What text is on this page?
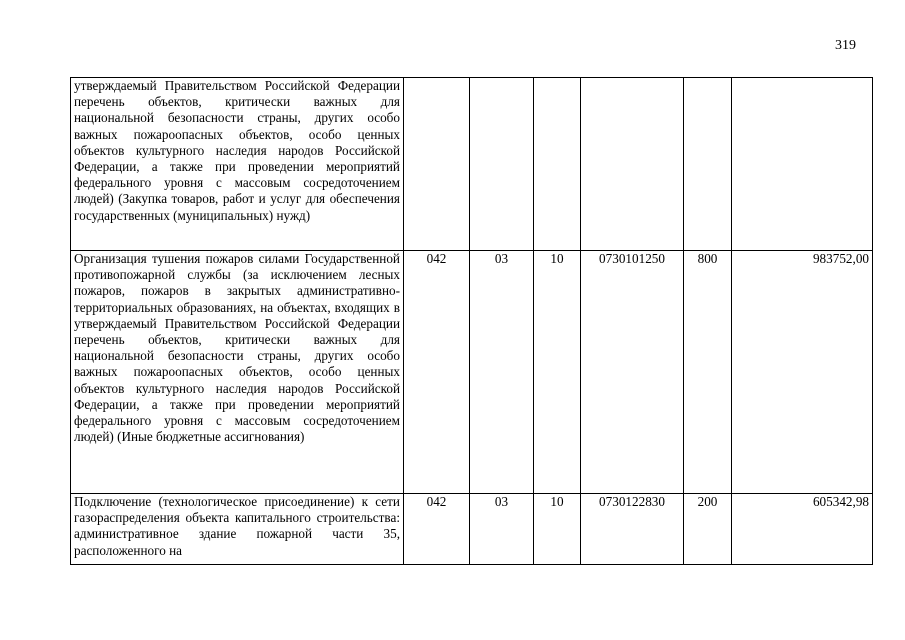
319
утверждаемый Правительством Российской Федерации перечень объектов, критически важных для национальной безопасности страны, других особо важных пожароопасных объектов, особо ценных объектов культурного наследия народов Российской Федерации, а также при проведении мероприятий федерального уровня с массовым сосредоточением людей) (Закупка товаров, работ и услуг для обеспечения государственных (муниципальных) нужд)						
Организация тушения пожаров силами Государственной противопожарной службы (за исключением лесных пожаров, пожаров в закрытых административно-территориальных образованиях, на объектах, входящих в утверждаемый Правительством Российской Федерации перечень объектов, критически важных для национальной безопасности страны, других особо важных пожароопасных объектов, особо ценных объектов культурного наследия народов Российской Федерации, а также при проведении мероприятий федерального уровня с массовым сосредоточением людей) (Иные бюджетные ассигнования)	042	03	10	0730101250	800	983752,00
Подключение (технологическое присоединение) к сети газораспределения объекта капитального строительства: административное здание пожарной части 35, расположенного на	042	03	10	0730122830	200	605342,98
